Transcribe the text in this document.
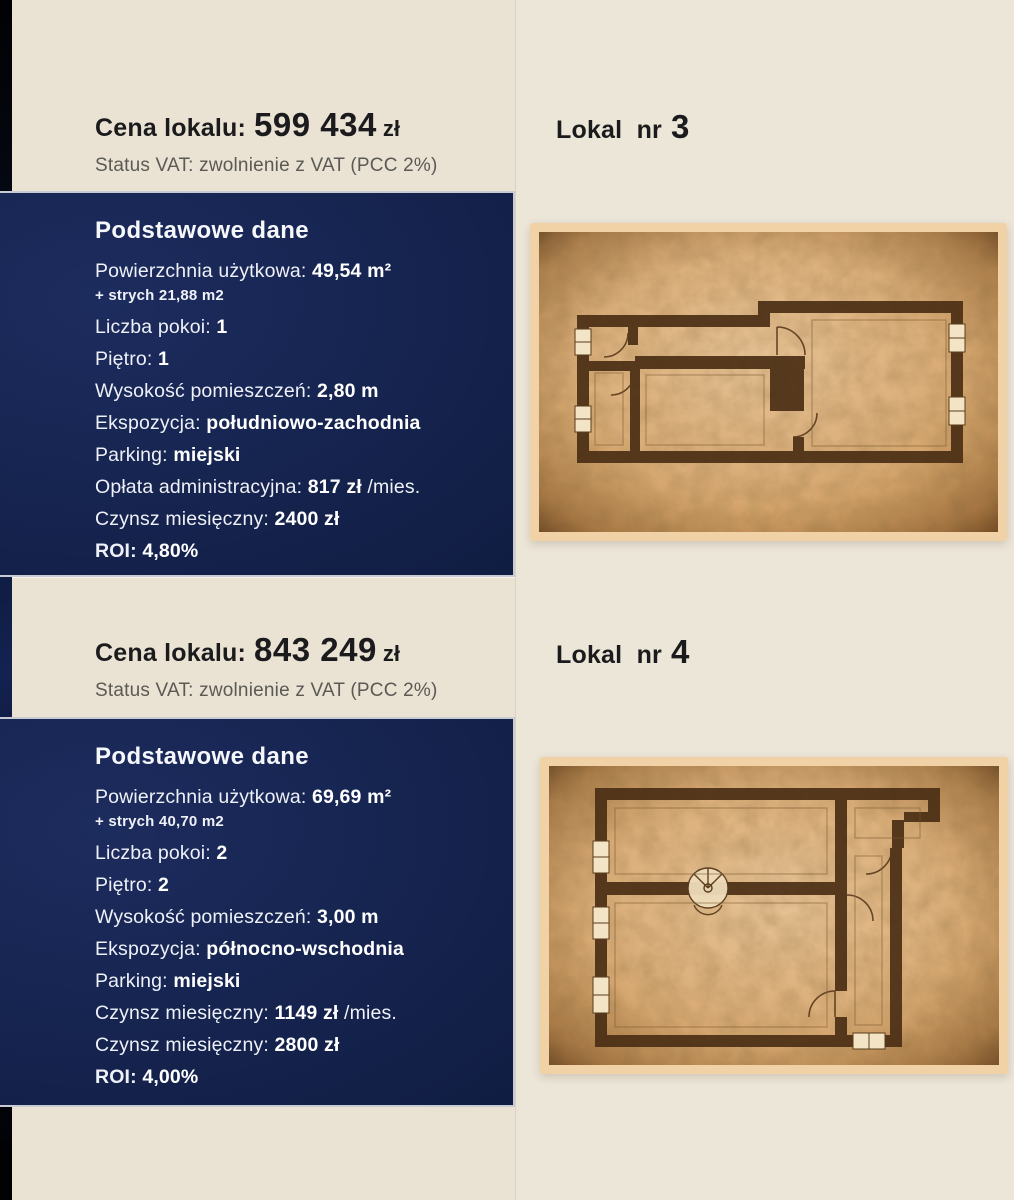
Cena lokalu: 599 434 zł
Status VAT: zwolnienie z VAT (PCC 2%)
Lokal  nr 3
Podstawowe dane
Powierzchnia użytkowa: 49,54 m²
+ strych 21,88 m2
Liczba pokoi: 1
Piętro: 1
Wysokość pomieszczeń: 2,80 m
Ekspozycja: południowo-zachodnia
Parking: miejski
Opłata administracyjna: 817 zł /mies.
Czynsz miesięczny: 2400 zł
ROI: 4,80%
Cena lokalu: 843 249 zł
Status VAT: zwolnienie z VAT (PCC 2%)
Lokal  nr 4
Podstawowe dane
Powierzchnia użytkowa: 69,69 m²
+ strych 40,70 m2
Liczba pokoi: 2
Piętro: 2
Wysokość pomieszczeń: 3,00 m
Ekspozycja: północno-wschodnia
Parking: miejski
Czynsz miesięczny: 1149 zł /mies.
Czynsz miesięczny: 2800 zł
ROI: 4,00%
